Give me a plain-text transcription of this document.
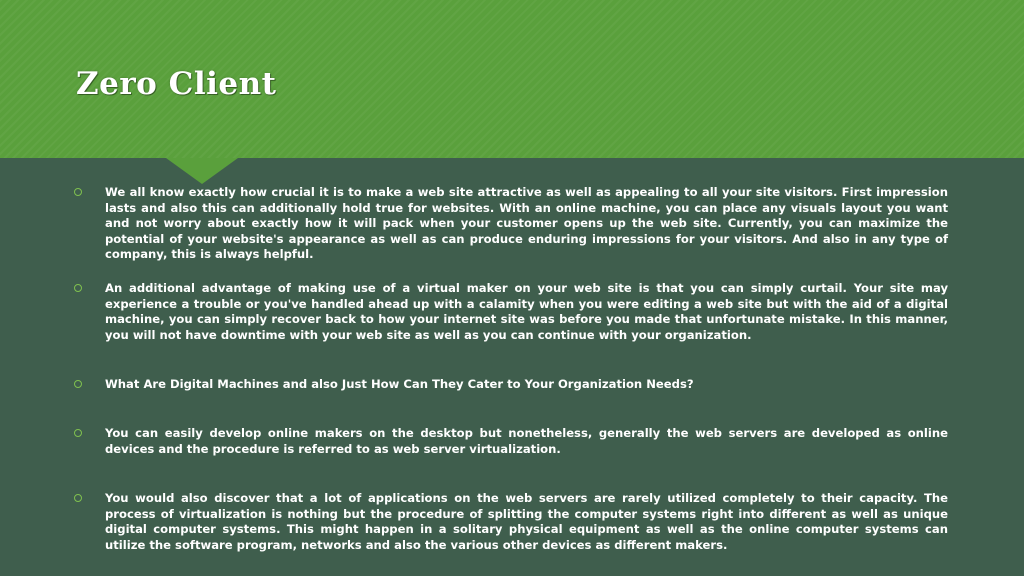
Zero Client

We all know exactly how crucial it is to make a web site attractive as well as appealing to all your site visitors. First impression lasts and also this can additionally hold true for websites. With an online machine, you can place any visuals layout you want and not worry about exactly how it will pack when your customer opens up the web site. Currently, you can maximize the potential of your website's appearance as well as can produce enduring impressions for your visitors. And also in any type of company, this is always helpful.

An additional advantage of making use of a virtual maker on your web site is that you can simply curtail. Your site may experience a trouble or you've handled ahead up with a calamity when you were editing a web site but with the aid of a digital machine, you can simply recover back to how your internet site was before you made that unfortunate mistake. In this manner, you will not have downtime with your web site as well as you can continue with your organization.

What Are Digital Machines and also Just How Can They Cater to Your Organization Needs?

You can easily develop online makers on the desktop but nonetheless, generally the web servers are developed as online devices and the procedure is referred to as web server virtualization.

You would also discover that a lot of applications on the web servers are rarely utilized completely to their capacity. The process of virtualization is nothing but the procedure of splitting the computer systems right into different as well as unique digital computer systems. This might happen in a solitary physical equipment as well as the online computer systems can utilize the software program, networks and also the various other devices as different makers.
